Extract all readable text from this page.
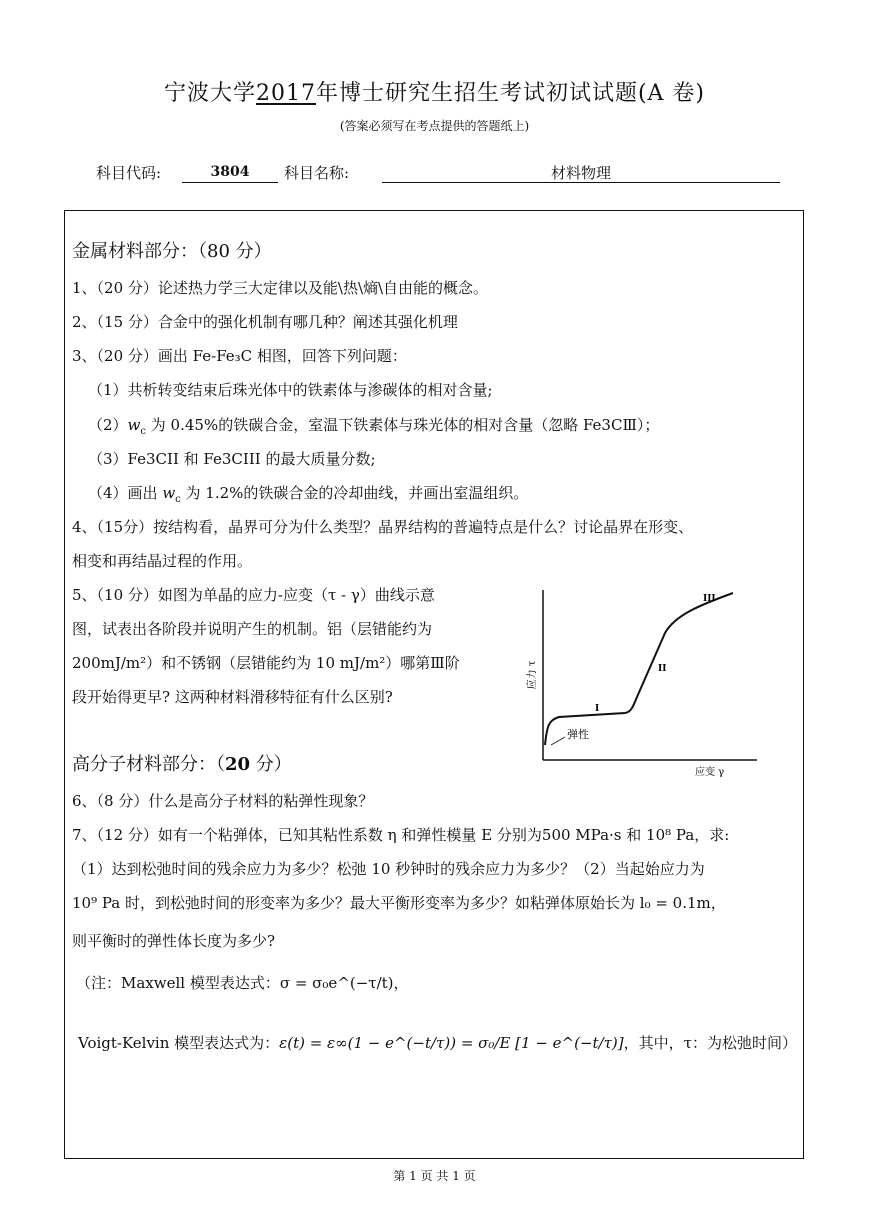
宁波大学2017年博士研究生招生考试初试试题(A 卷)
(答案必须写在考点提供的答题纸上)
科目代码:	3804	科目名称:	材料物理
金属材料部分：（80 分）
1、（20 分）论述热力学三大定律以及能\热\熵\自由能的概念。
2、（15 分）合金中的强化机制有哪几种？阐述其强化机理
3、（20 分）画出 Fe-Fe₃C 相图，回答下列问题：
（1）共析转变结束后珠光体中的铁素体与渗碳体的相对含量;
$(2)w_c$ 为 0.45%的铁碳合金，室温下铁素体与珠光体的相对含量（忽略 Fe3CⅢ）；
（3）Fe3CII 和 Fe3CIII 的最大质量分数;
（4）画出 $w_c$ 为 1.2%的铁碳合金的冷却曲线，并画出室温组织。
4、（15分）按结构看，晶界可分为什么类型？晶界结构的普遍特点是什么？讨论晶界在形变、
相变和再结晶过程的作用。
5、（10 分）如图为单晶的应力-应变（τ - γ）曲线示意
图，试表出各阶段并说明产生的机制。铝（层错能约为
200mJ/m²）和不锈钢（层错能约为 10 mJ/m²）哪第Ⅲ阶
段开始得更早? 这两种材料滑移特征有什么区别?
I
II
III
弹性
应力 τ
应变 γ
高分子材料部分：（20 分）
6、（8 分）什么是高分子材料的粘弹性现象？
7、（12 分）如有一个粘弹体，已知其粘性系数 η 和弹性模量 E 分别为500 MPa·s 和 10⁸ Pa，求:
（1）达到松弛时间的残余应力为多少？松弛 10 秒钟时的残余应力为多少？（2）当起始应力为
10⁹ Pa 时，到松弛时间的形变率为多少？最大平衡形变率为多少？如粘弹体原始长为 l₀ = 0.1m，
则平衡时的弹性体长度为多少?
（注：Maxwell 模型表达式：σ = σ₀e^(−τ/t)，
Voigt-Kelvin 模型表达式为：ε(t) = ε∞(1 − e^(−t/τ)) = σ₀/E [1 − e^(−t/τ)]，其中，τ：为松弛时间）
第 1 页 共 1 页
